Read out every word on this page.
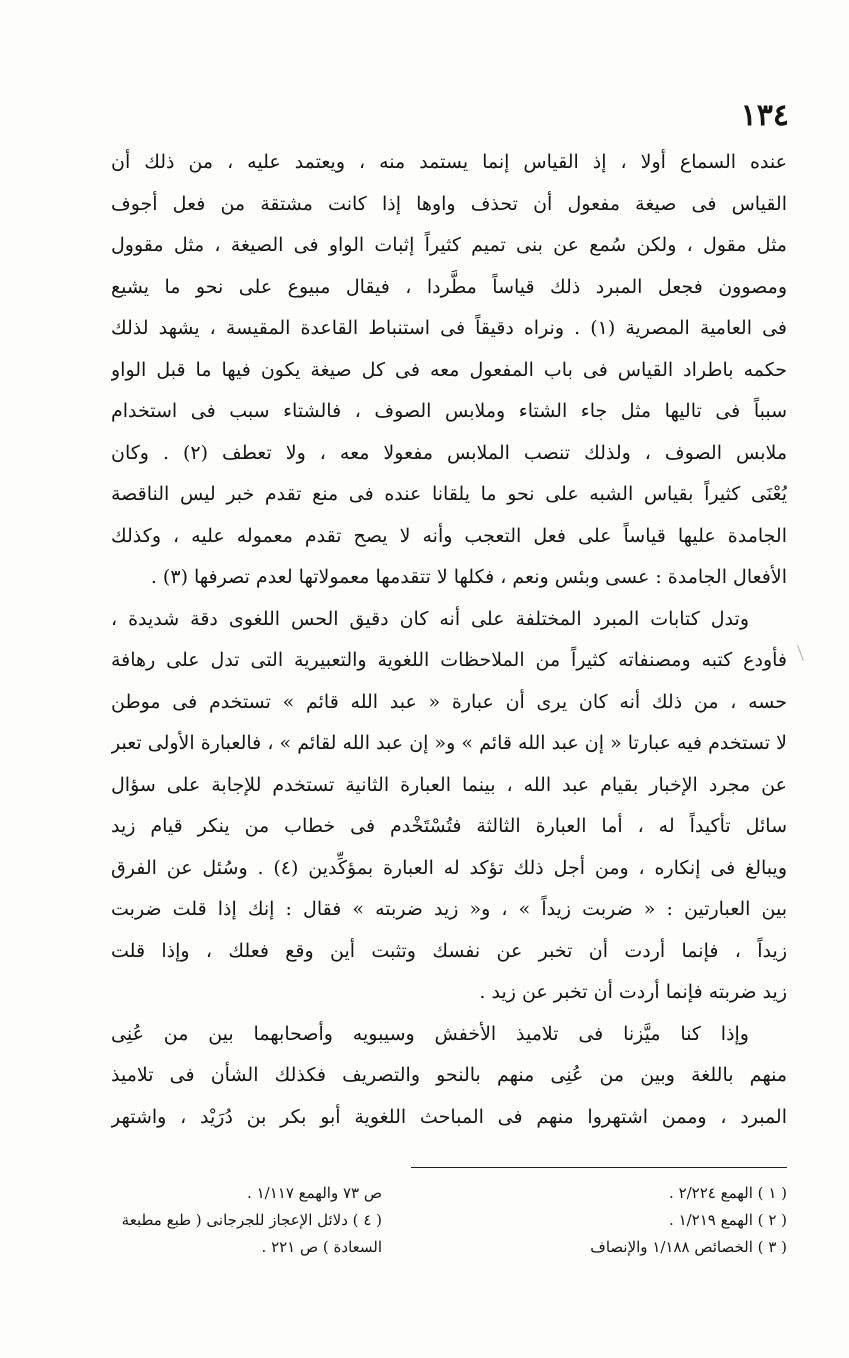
١٣٤
عنده السماع أولا ، إذ القياس إنما يستمد منه ، ويعتمد عليه ، من ذلك أن
القياس فى صيغة مفعول أن تحذف واوها إذا كانت مشتقة من فعل أجوف
مثل مقول ، ولكن سُمع عن بنى تميم كثيراً إثبات الواو فى الصيغة ، مثل مقوول
ومصوون فجعل المبرد ذلك قياساً مطَّردا ، فيقال مبيوع على نحو ما يشيع
فى العامية المصرية (١) . ونراه دقيقاً فى استنباط القاعدة المقيسة ، يشهد لذلك
حكمه باطراد القياس فى باب المفعول معه فى كل صيغة يكون فيها ما قبل الواو
سبباً فى تاليها مثل جاء الشتاء وملابس الصوف ، فالشتاء سبب فى استخدام
ملابس الصوف ، ولذلك تنصب الملابس مفعولا معه ، ولا تعطف (٢) . وكان
يُعْنَى كثيراً بقياس الشبه على نحو ما يلقانا عنده فى منع تقدم خبر ليس الناقصة
الجامدة عليها قياساً على فعل التعجب وأنه لا يصح تقدم معموله عليه ، وكذلك
الأفعال الجامدة : عسى وبئس ونعم ، فكلها لا تتقدمها معمولاتها لعدم تصرفها (٣) .
وتدل كتابات المبرد المختلفة على أنه كان دقيق الحس اللغوى دقة شديدة ،
فأودع كتبه ومصنفاته كثيراً من الملاحظات اللغوية والتعبيرية التى تدل على رهافة
حسه ، من ذلك أنه كان يرى أن عبارة « عبد الله قائم » تستخدم فى موطن
لا تستخدم فيه عبارتا « إن عبد الله قائم » و« إن عبد الله لقائم » ، فالعبارة الأولى تعبر
عن مجرد الإخبار بقيام عبد الله ، بينما العبارة الثانية تستخدم للإجابة على سؤال
سائل تأكيداً له ، أما العبارة الثالثة فتُسْتَخْدم فى خطاب من ينكر قيام زيد
ويبالغ فى إنكاره ، ومن أجل ذلك تؤكد له العبارة بمؤكِّدين (٤) . وسُئل عن الفرق
بين العبارتين : « ضربت زيداً » ، و« زيد ضربته » فقال : إنك إذا قلت ضربت
زيداً ، فإنما أردت أن تخبر عن نفسك وتثبت أين وقع فعلك ، وإذا قلت
زيد ضربته فإنما أردت أن تخبر عن زيد .
وإذا كنا ميَّزنا فى تلاميذ الأخفش وسيبويه وأصحابهما بين من عُنِى
منهم باللغة وبين من عُنِى منهم بالنحو والتصريف فكذلك الشأن فى تلاميذ
المبرد ، وممن اشتهروا منهم فى المباحث اللغوية أبو بكر بن دُرَيْد ، واشتهر
( ١ ) الهمع ٢/٢٢٤ .
( ٢ ) الهمع ١/٢١٩ .
( ٣ ) الخصائص ١/١٨٨ والإنصاف
ص ٧٣ والهمع ١/١١٧ .
( ٤ ) دلائل الإعجاز للجرجانى ( طبع مطبعة
السعادة ) ص ٢٢١ .
